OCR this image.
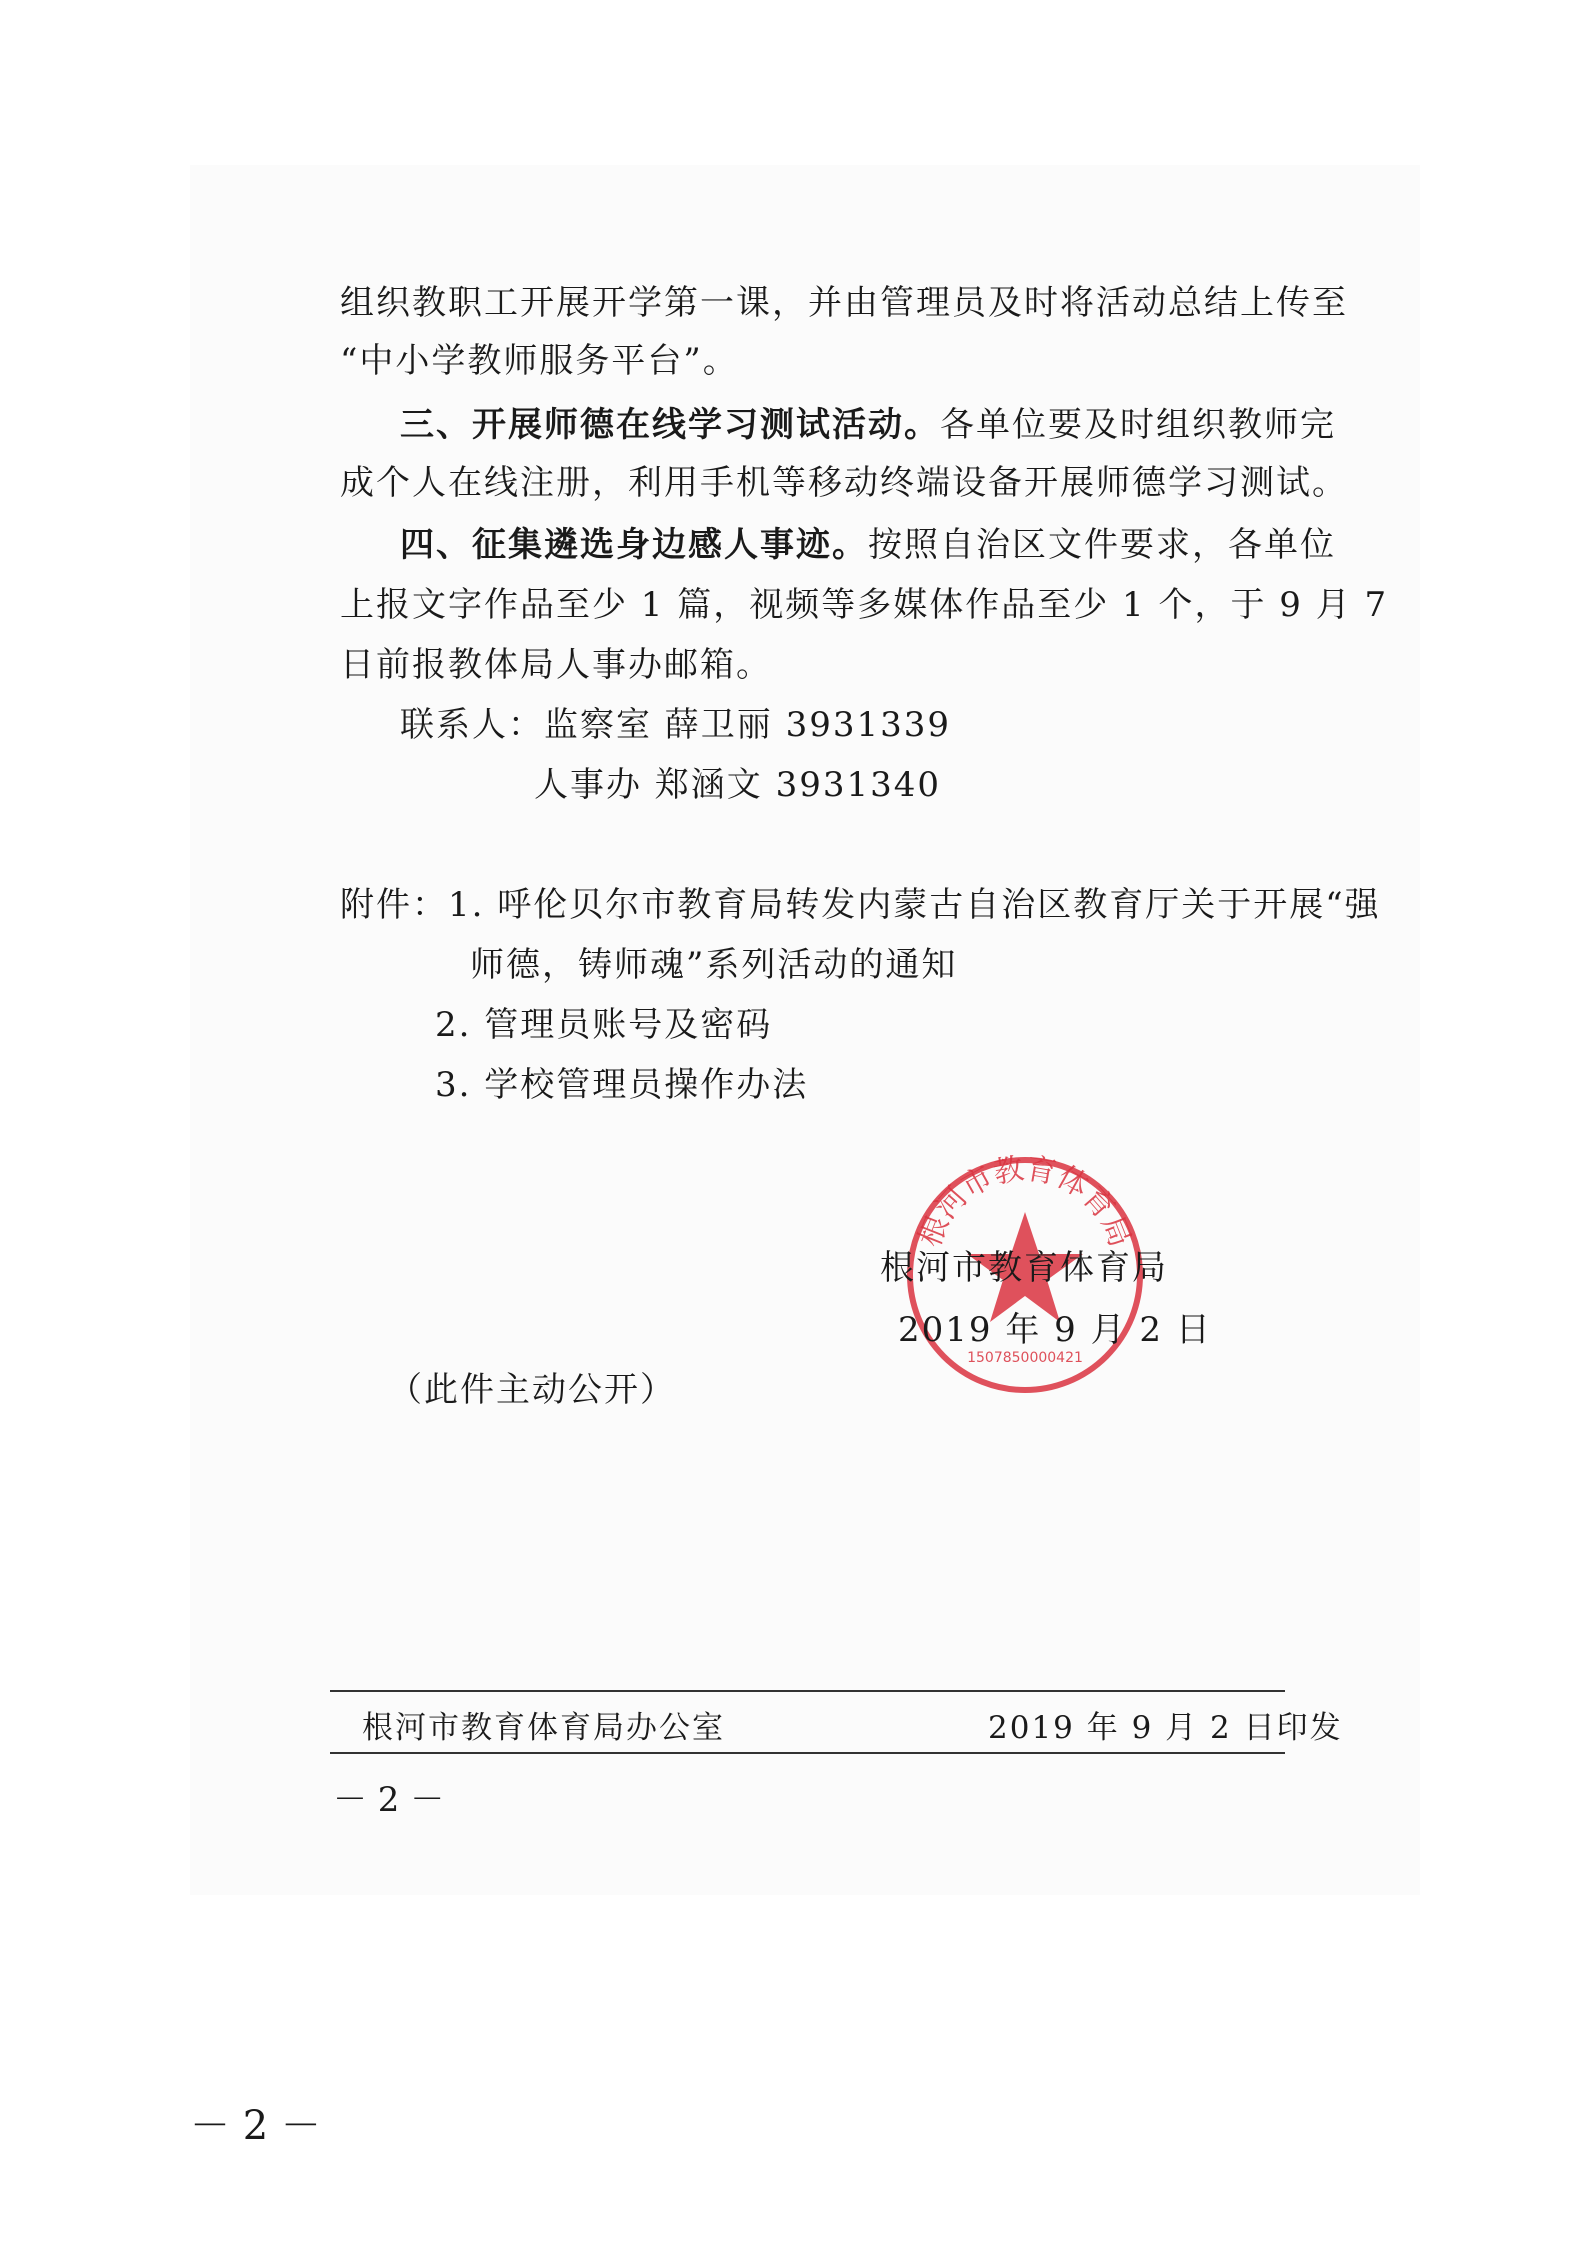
组织教职工开展开学第一课，并由管理员及时将活动总结上传至
“中小学教师服务平台”。
三、开展师德在线学习测试活动。各单位要及时组织教师完
成个人在线注册，利用手机等移动终端设备开展师德学习测试。
四、征集遴选身边感人事迹。按照自治区文件要求，各单位
上报文字作品至少 1 篇，视频等多媒体作品至少 1 个，于 9 月 7
日前报教体局人事办邮箱。
联系人：监察室 薛卫丽 3931339
人事办 郑涵文 3931340
附件：1. 呼伦贝尔市教育局转发内蒙古自治区教育厅关于开展“强
师德，铸师魂”系列活动的通知
2. 管理员账号及密码
3. 学校管理员操作办法
根河市教育体育局
1507850000421
根河市教育体育局
2019 年 9 月 2 日
（此件主动公开）
根河市教育体育局办公室	2019 年 9 月 2 日印发
－ 2 －
－ 2 －
